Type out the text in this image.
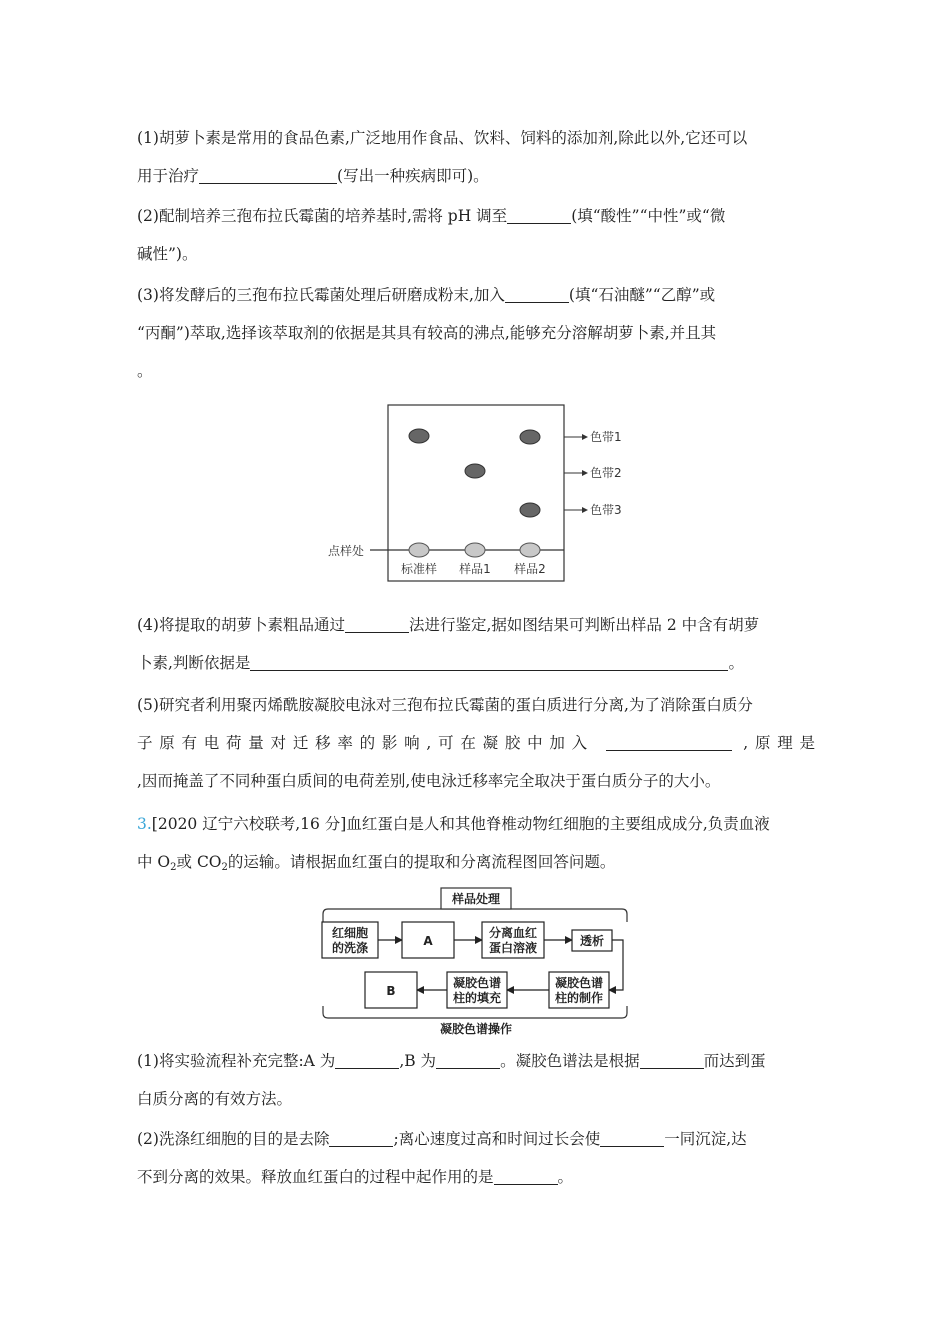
(1)胡萝卜素是常用的食品色素,广泛地用作食品、饮料、饲料的添加剂,除此以外,它还可以
用于治疗	(写出一种疾病即可)。
(2)配制培养三孢布拉氏霉菌的培养基时,需将 pH 调至	(填“酸性”“中性”或“微
碱性”)。
(3)将发酵后的三孢布拉氏霉菌处理后研磨成粉末,加入	(填“石油醚”“乙醇”或
“丙酮”)萃取,选择该萃取剂的依据是其具有较高的沸点,能够充分溶解胡萝卜素,并且其
。
点样处
色带1
色带2
色带3
标准样 样品1 样品2
(4)将提取的胡萝卜素粗品通过	法进行鉴定,据如图结果可判断出样品 2 中含有胡萝
卜素,判断依据是	。
(5)研究者利用聚丙烯酰胺凝胶电泳对三孢布拉氏霉菌的蛋白质进行分离,为了消除蛋白质分
子原有电荷量对迁移率的影响,可在凝胶中加入	,原理是
,因而掩盖了不同种蛋白质间的电荷差别,使电泳迁移率完全取决于蛋白质分子的大小。
3.[2020 辽宁六校联考,16 分]血红蛋白是人和其他脊椎动物红细胞的主要组成成分,负责血液
中 $O_2$或 $CO_2$的运输。请根据血红蛋白的提取和分离流程图回答问题。
样品处理
红细胞
的洗涤	A
分离血红
蛋白溶液	透析
凝胶色谱
柱的制作
凝胶色谱
柱的填充
B
凝胶色谱操作
(1)将实验流程补充完整:A 为	,B 为	。凝胶色谱法是根据	而达到蛋
白质分离的有效方法。
(2)洗涤红细胞的目的是去除	;离心速度过高和时间过长会使	一同沉淀,达
不到分离的效果。释放血红蛋白的过程中起作用的是	。
